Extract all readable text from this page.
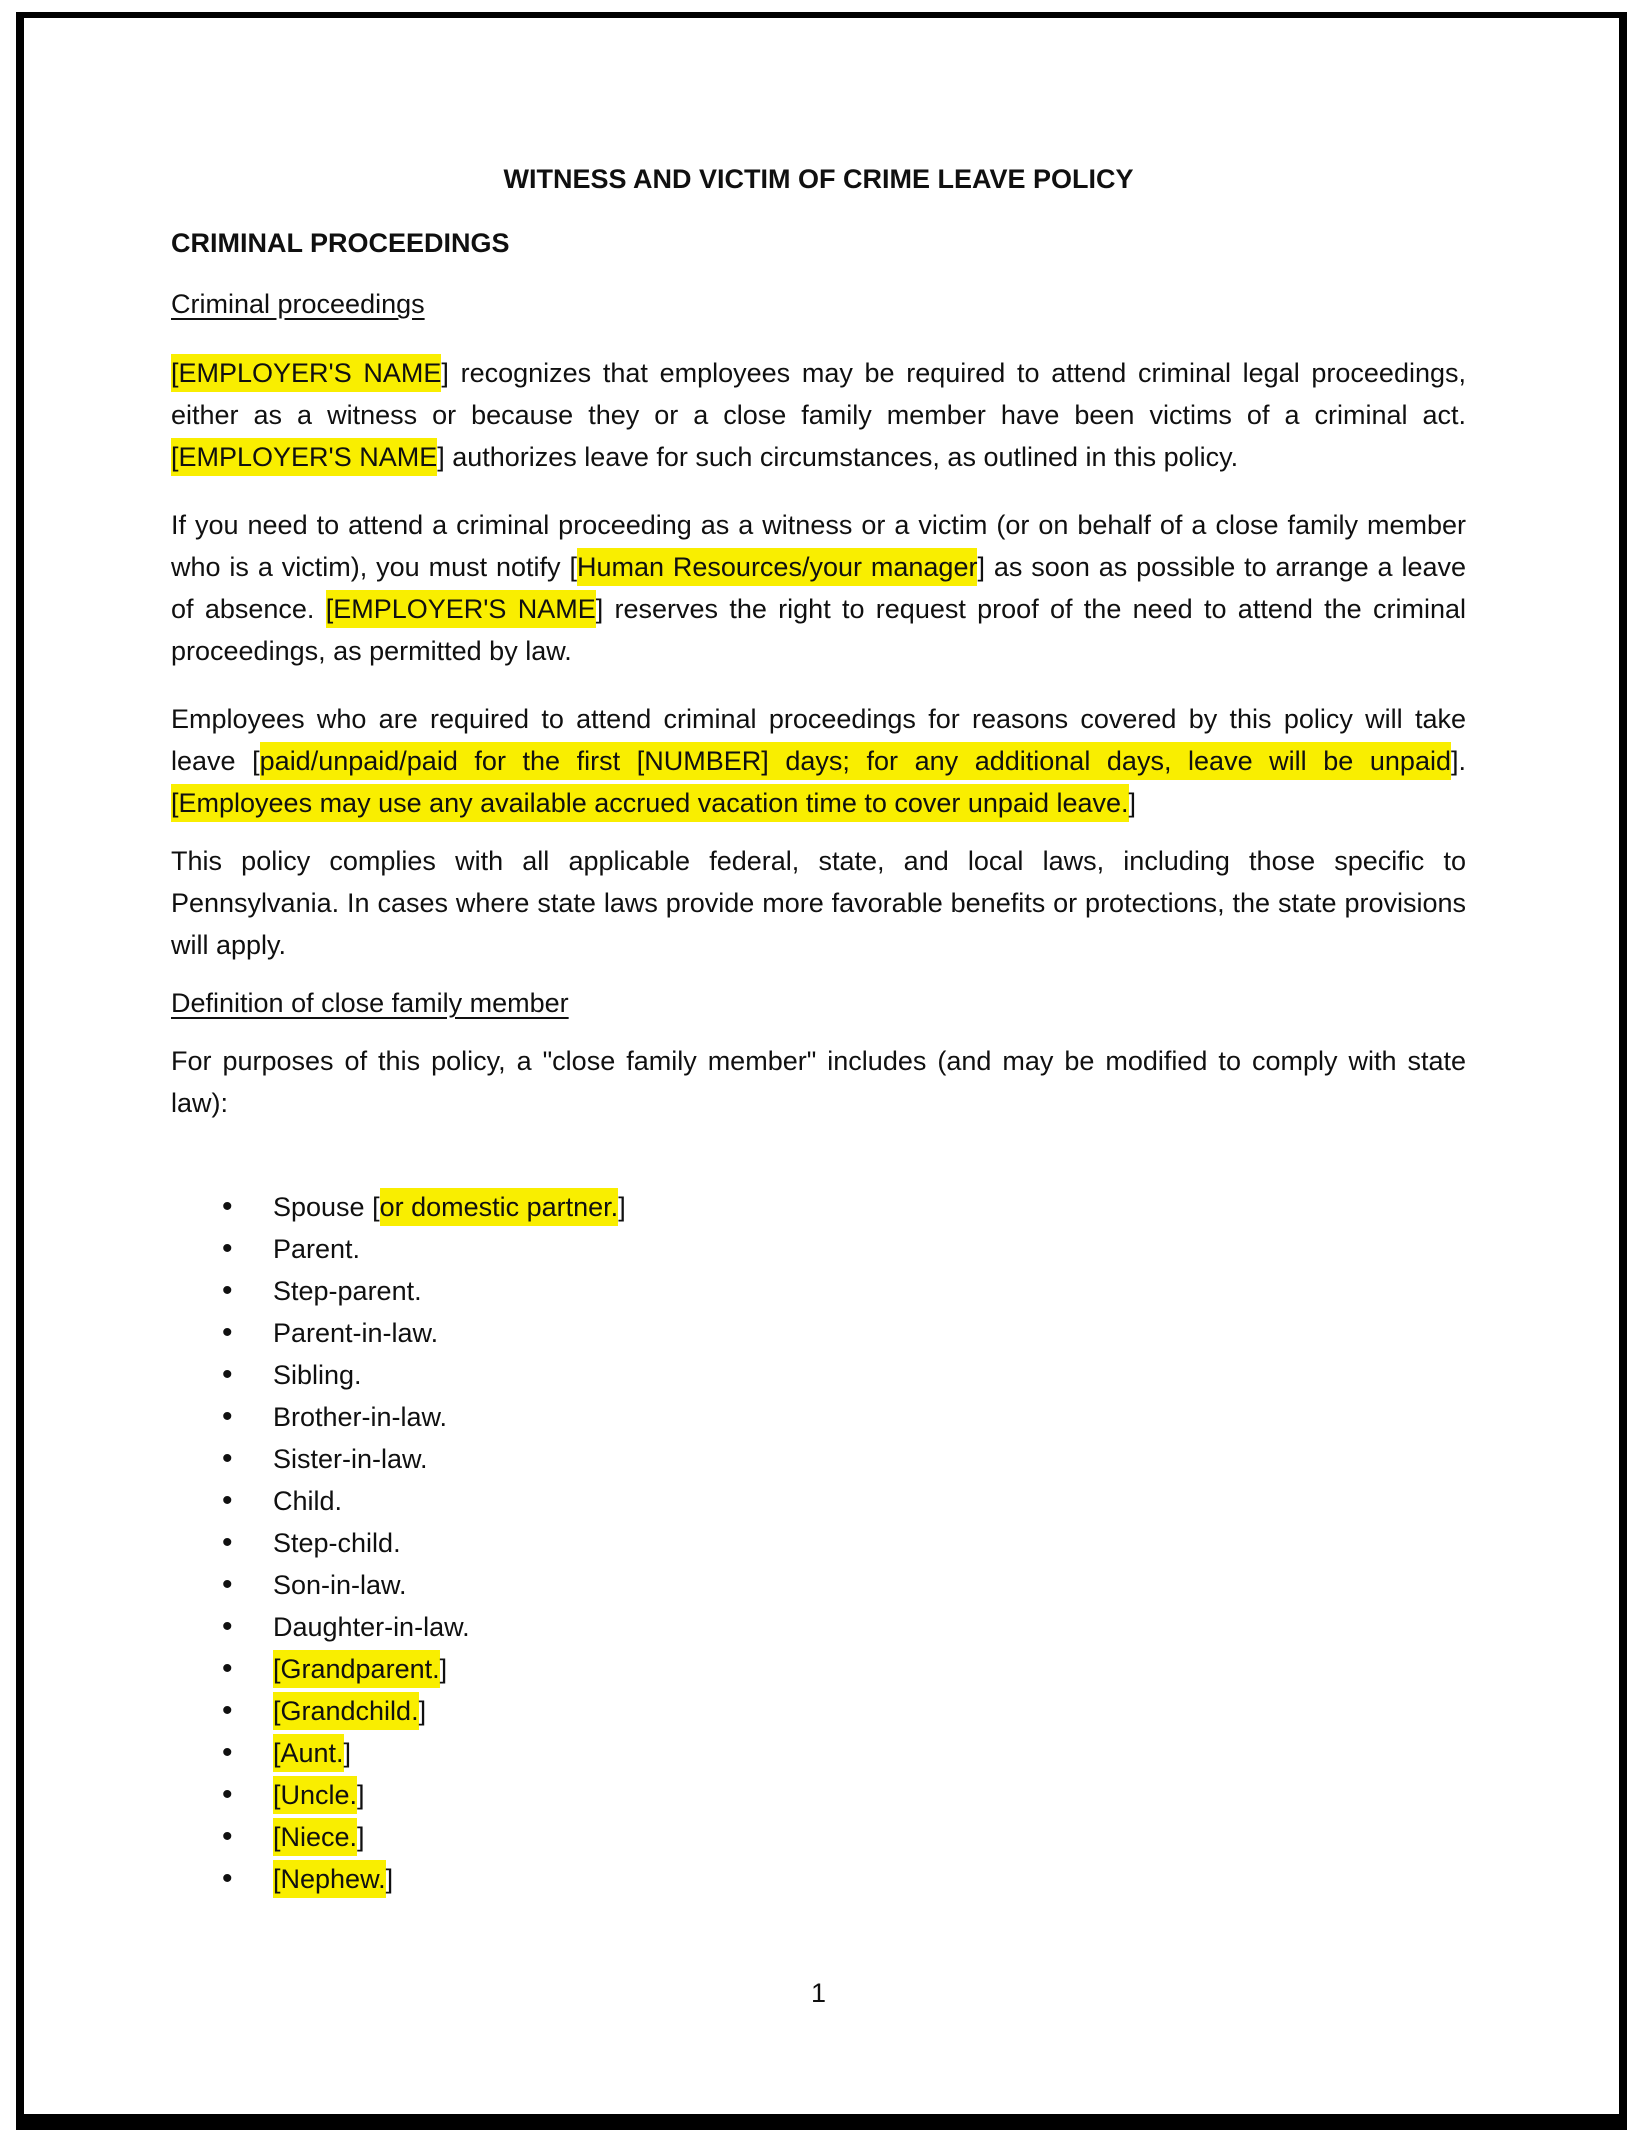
WITNESS AND VICTIM OF CRIME LEAVE POLICY

CRIMINAL PROCEEDINGS

Criminal proceedings

[EMPLOYER'S NAME] recognizes that employees may be required to attend criminal legal proceedings, either as a witness or because they or a close family member have been victims of a criminal act. [EMPLOYER'S NAME] authorizes leave for such circumstances, as outlined in this policy.

If you need to attend a criminal proceeding as a witness or a victim (or on behalf of a close family member who is a victim), you must notify [Human Resources/your manager] as soon as possible to arrange a leave of absence. [EMPLOYER'S NAME] reserves the right to request proof of the need to attend the criminal proceedings, as permitted by law.

Employees who are required to attend criminal proceedings for reasons covered by this policy will take leave [paid/unpaid/paid for the first [NUMBER] days; for any additional days, leave will be unpaid]. [Employees may use any available accrued vacation time to cover unpaid leave.]

This policy complies with all applicable federal, state, and local laws, including those specific to Pennsylvania. In cases where state laws provide more favorable benefits or protections, the state provisions will apply.

Definition of close family member

For purposes of this policy, a "close family member" includes (and may be modified to comply with state law):

• Spouse [or domestic partner.]
• Parent.
• Step-parent.
• Parent-in-law.
• Sibling.
• Brother-in-law.
• Sister-in-law.
• Child.
• Step-child.
• Son-in-law.
• Daughter-in-law.
• [Grandparent.]
• [Grandchild.]
• [Aunt.]
• [Uncle.]
• [Niece.]
• [Nephew.]
1
